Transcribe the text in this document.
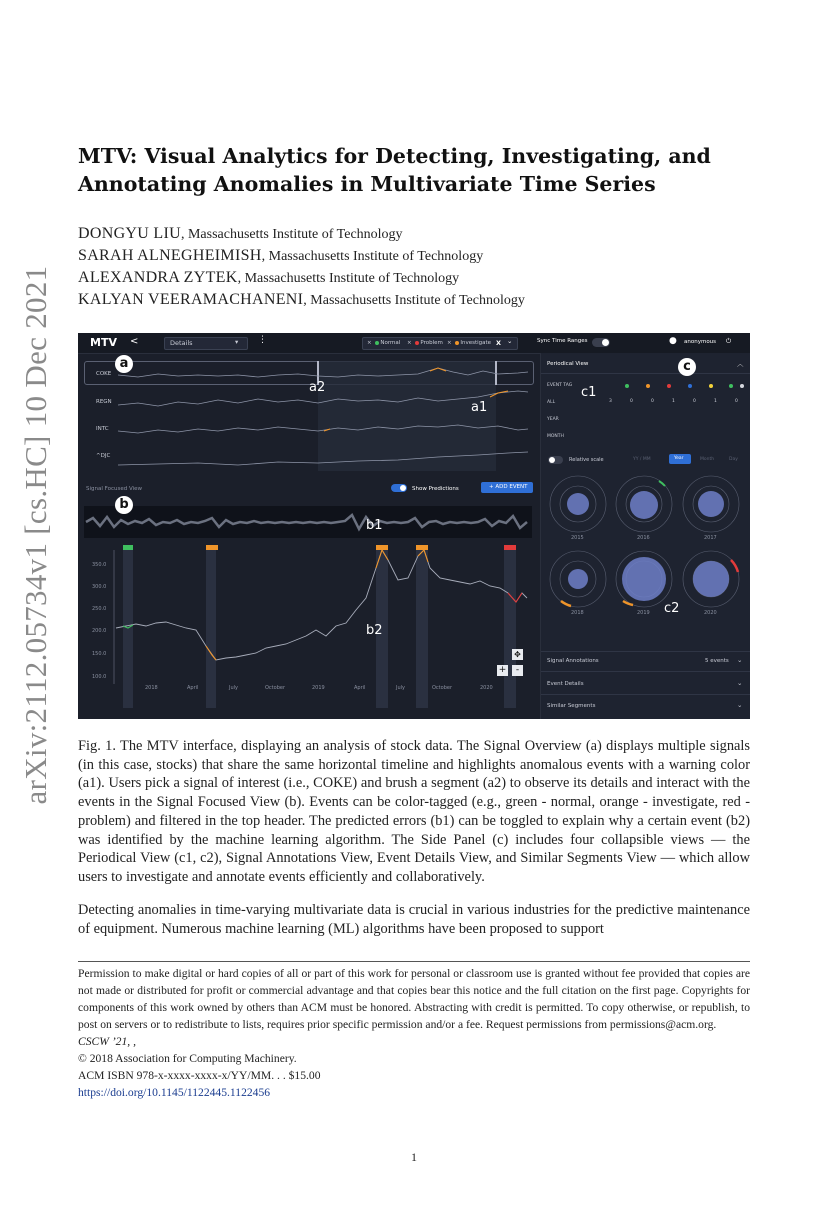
arXiv:2112.05734v1 [cs.HC] 10 Dec 2021
MTV: Visual Analytics for Detecting, Investigating, and Annotating Anomalies in Multivariate Time Series
DONGYU LIU, Massachusetts Institute of Technology
SARAH ALNEGHEIMISH, Massachusetts Institute of Technology
ALEXANDRA ZYTEK, Massachusetts Institute of Technology
KALYAN VEERAMACHANENI, Massachusetts Institute of Technology
MTV <	Details	▾ ⋮	× Normal × Problem × Investigate X ⌄	Sync Time Ranges	● anonymous ⏻
COKE
REGN
INTC
^DJC
Signal Focused View	Show Predictions	+ ADD EVENT
350.0
300.0
250.0
200.0
150.0
100.0
2018	April	July	October	2019	April	July	October	2020
✥
+	-
Periodical View	︿
EVENT TAG
ALL
YEAR
MONTH
3	0	0	1	0	1	0
Relative scale	YY / MM	Year	Month	Day
2015	2016	2017
2018	2019	2020
Signal Annotations	5 events ⌄
Event Details	⌄
Similar Segments	⌄
a
b
c
a2
a1
b1
b2
c1
c2
Fig. 1. The MTV interface, displaying an analysis of stock data. The Signal Overview (a) displays multiple signals (in this case, stocks) that share the same horizontal timeline and highlights anomalous events with a warning color (a1). Users pick a signal of interest (i.e., COKE) and brush a segment (a2) to observe its details and interact with the events in the Signal Focused View (b). Events can be color-tagged (e.g., green - normal, orange - investigate, red - problem) and filtered in the top header. The predicted errors (b1) can be toggled to explain why a certain event (b2) was identified by the machine learning algorithm. The Side Panel (c) includes four collapsible views — the Periodical View (c1, c2), Signal Annotations View, Event Details View, and Similar Segments View — which allow users to investigate and annotate events efficiently and collaboratively.
Detecting anomalies in time-varying multivariate data is crucial in various industries for the predictive maintenance of equipment. Numerous machine learning (ML) algorithms have been proposed to support
Permission to make digital or hard copies of all or part of this work for personal or classroom use is granted without fee provided that copies are not made or distributed for profit or commercial advantage and that copies bear this notice and the full citation on the first page. Copyrights for components of this work owned by others than ACM must be honored. Abstracting with credit is permitted. To copy otherwise, or republish, to post on servers or to redistribute to lists, requires prior specific permission and/or a fee. Request permissions from permissions@acm.org.
CSCW ’21, ,
© 2018 Association for Computing Machinery.
ACM ISBN 978-x-xxxx-xxxx-x/YY/MM. . . $15.00
https://doi.org/10.1145/1122445.1122456
1
